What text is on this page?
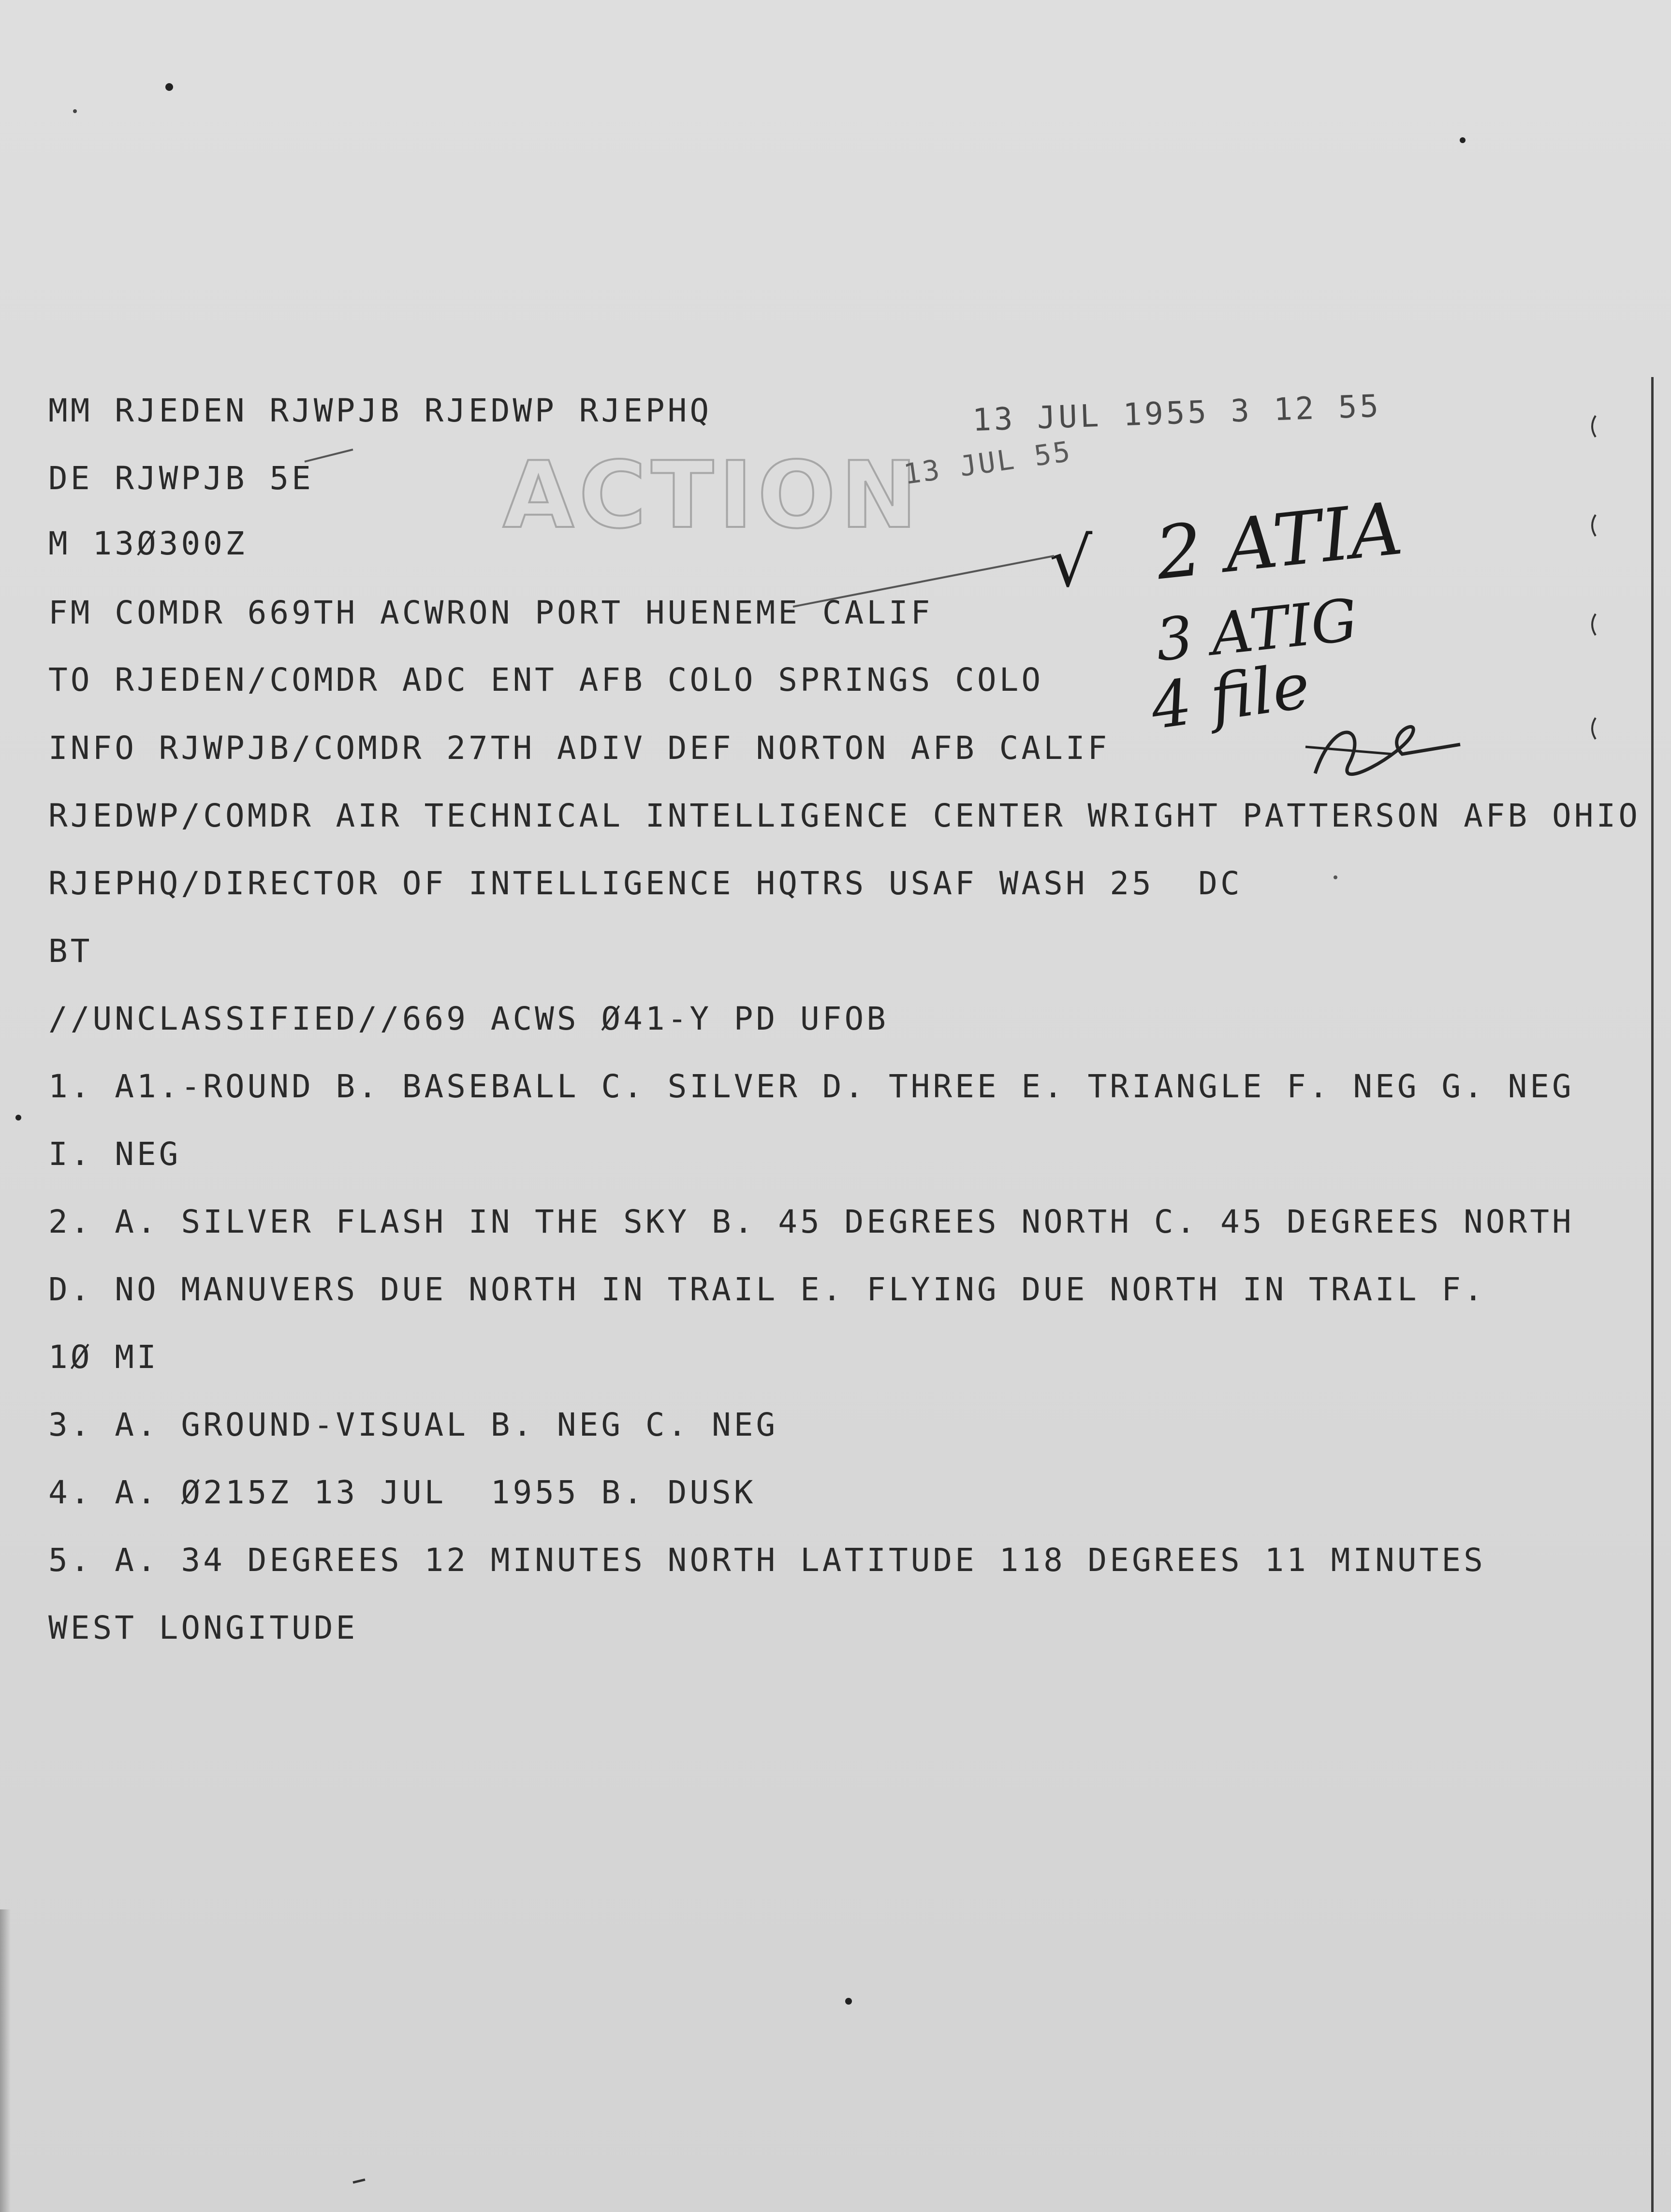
MM RJEDEN RJWPJB RJEDWP RJEPHQ
DE RJWPJB 5E
M 13Ø300Z
FM COMDR 669TH ACWRON PORT HUENEME CALIF
TO RJEDEN/COMDR ADC ENT AFB COLO SPRINGS COLO
INFO RJWPJB/COMDR 27TH ADIV DEF NORTON AFB CALIF
RJEDWP/COMDR AIR TECHNICAL INTELLIGENCE CENTER WRIGHT PATTERSON AFB OHIO
RJEPHQ/DIRECTOR OF INTELLIGENCE HQTRS USAF WASH 25  DC
BT
//UNCLASSIFIED//669 ACWS Ø41-Y PD UFOB
1. A1.-ROUND B. BASEBALL C. SILVER D. THREE E. TRIANGLE F. NEG G. NEG
I. NEG
2. A. SILVER FLASH IN THE SKY B. 45 DEGREES NORTH C. 45 DEGREES NORTH
D. NO MANUVERS DUE NORTH IN TRAIL E. FLYING DUE NORTH IN TRAIL F.
1Ø MI
3. A. GROUND-VISUAL B. NEG C. NEG
4. A. Ø215Z 13 JUL  1955 B. DUSK
5. A. 34 DEGREES 12 MINUTES NORTH LATITUDE 118 DEGREES 11 MINUTES
WEST LONGITUDE
ACTION
13 JUL 1955 3 12 55
13 JUL 55
√ 2 ATIA
3 ATIG
4 file
